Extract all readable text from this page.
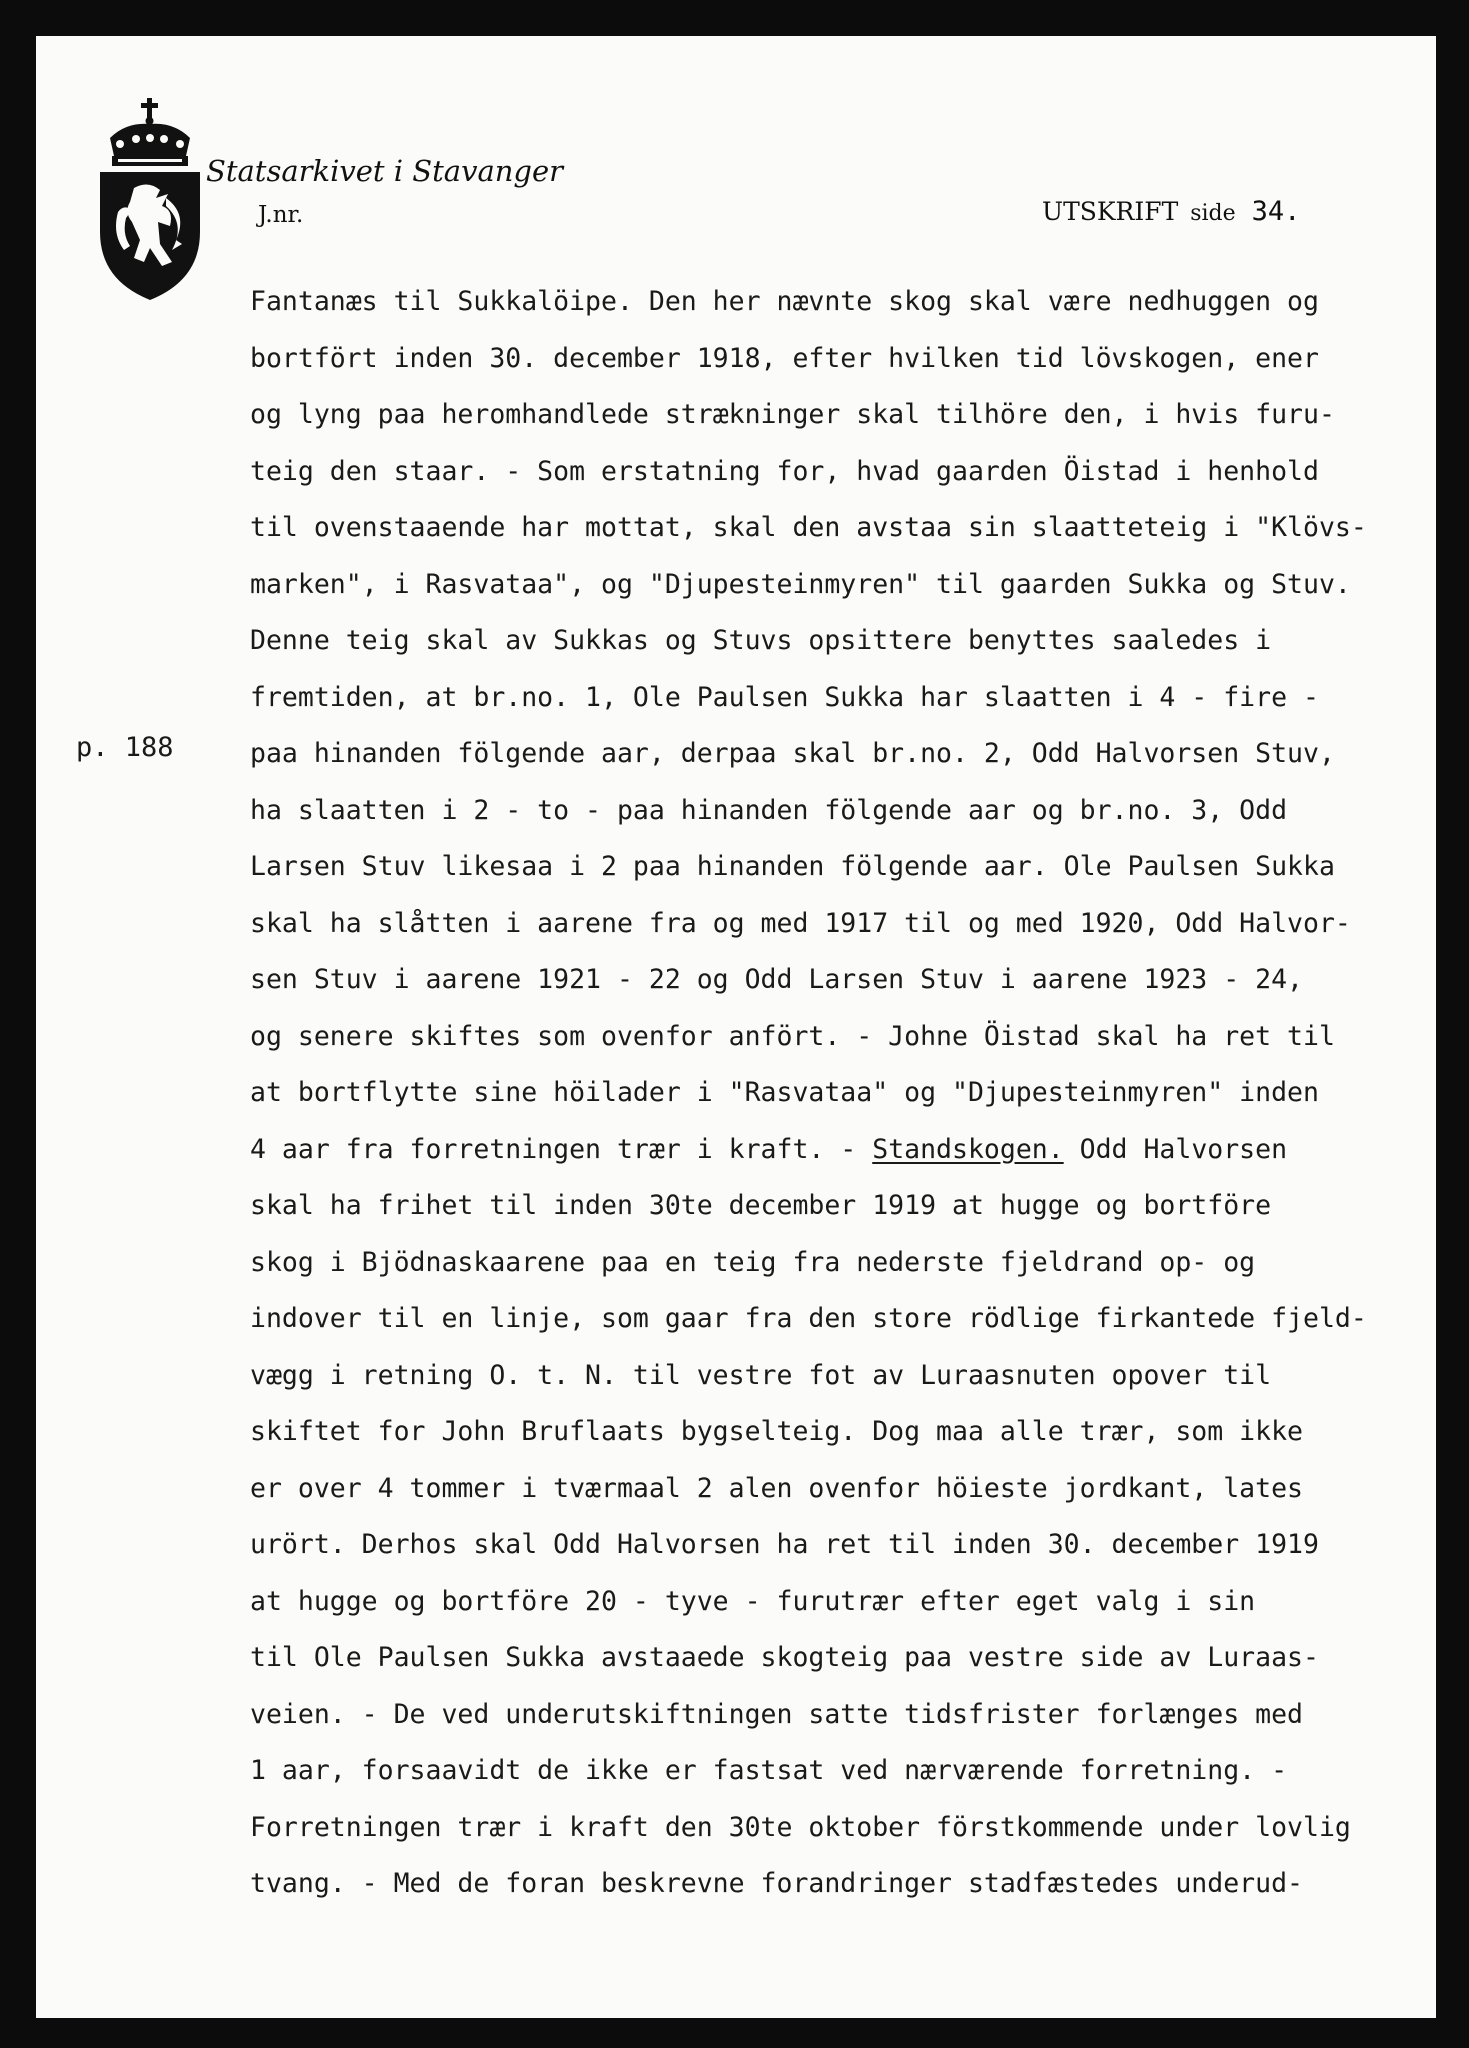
Statsarkivet i Stavanger
J.nr.	UTSKRIFT side 34.
p. 188
Fantanæs til Sukkalöipe. Den her nævnte skog skal være nedhuggen og
bortfört inden 30. december 1918, efter hvilken tid lövskogen, ener
og lyng paa heromhandlede strækninger skal tilhöre den, i hvis furu-
teig den staar. - Som erstatning for, hvad gaarden Öistad i henhold
til ovenstaaende har mottat, skal den avstaa sin slaatteteig i "Klövs-
marken", i Rasvataa", og "Djupesteinmyren" til gaarden Sukka og Stuv.
Denne teig skal av Sukkas og Stuvs opsittere benyttes saaledes i
fremtiden, at br.no. 1, Ole Paulsen Sukka har slaatten i 4 - fire -
paa hinanden fölgende aar, derpaa skal br.no. 2, Odd Halvorsen Stuv,
ha slaatten i 2 - to - paa hinanden fölgende aar og br.no. 3, Odd
Larsen Stuv likesaa i 2 paa hinanden fölgende aar. Ole Paulsen Sukka
skal ha slåtten i aarene fra og med 1917 til og med 1920, Odd Halvor-
sen Stuv i aarene 1921 - 22 og Odd Larsen Stuv i aarene 1923 - 24,
og senere skiftes som ovenfor anfört. - Johne Öistad skal ha ret til
at bortflytte sine höilader i "Rasvataa" og "Djupesteinmyren" inden
4 aar fra forretningen trær i kraft. - Standskogen. Odd Halvorsen
skal ha frihet til inden 30te december 1919 at hugge og bortföre
skog i Bjödnaskaarene paa en teig fra nederste fjeldrand op- og
indover til en linje, som gaar fra den store rödlige firkantede fjeld-
vægg i retning O. t. N. til vestre fot av Luraasnuten opover til
skiftet for John Bruflaats bygselteig. Dog maa alle trær, som ikke
er over 4 tommer i tværmaal 2 alen ovenfor höieste jordkant, lates
urört. Derhos skal Odd Halvorsen ha ret til inden 30. december 1919
at hugge og bortföre 20 - tyve - furutrær efter eget valg i sin
til Ole Paulsen Sukka avstaaede skogteig paa vestre side av Luraas-
veien. - De ved underutskiftningen satte tidsfrister forlænges med
1 aar, forsaavidt de ikke er fastsat ved nærværende forretning. -
Forretningen trær i kraft den 30te oktober förstkommende under lovlig
tvang. - Med de foran beskrevne forandringer stadfæstedes underud-
